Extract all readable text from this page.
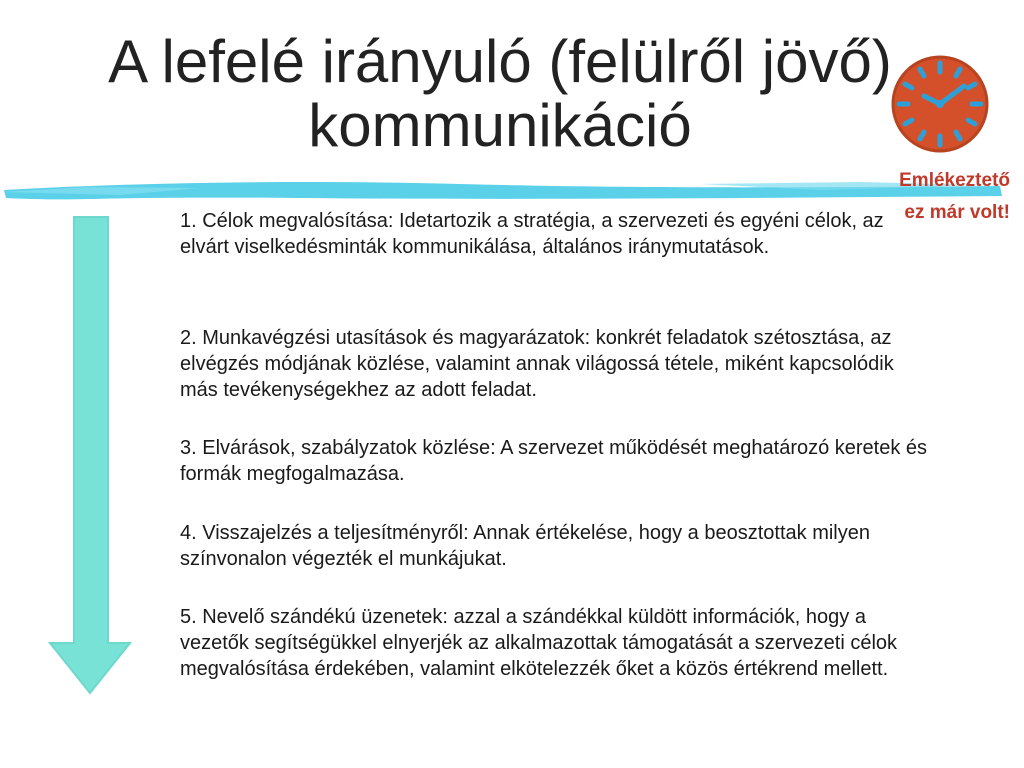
A lefelé irányuló (felülről jövő)
kommunikáció
Emlékeztető
ez már volt!

1. Célok megvalósítása: Idetartozik a stratégia, a szervezeti és egyéni célok, az elvárt viselkedésminták kommunikálása, általános iránymutatások.

2. Munkavégzési utasítások és magyarázatok: konkrét feladatok szétosztása, az elvégzés módjának közlése, valamint annak világossá tétele, miként kapcsolódik más tevékenységekhez az adott feladat.

3. Elvárások, szabályzatok közlése: A szervezet működését meghatározó keretek és formák megfogalmazása.

4. Visszajelzés a teljesítményről: Annak értékelése, hogy a beosztottak milyen színvonalon végezték el munkájukat.

5. Nevelő szándékú üzenetek: azzal a szándékkal küldött információk, hogy a vezetők segítségükkel elnyerjék az alkalmazottak támogatását a szervezeti célok megvalósítása érdekében, valamint elkötelezzék őket a közös értékrend mellett.
